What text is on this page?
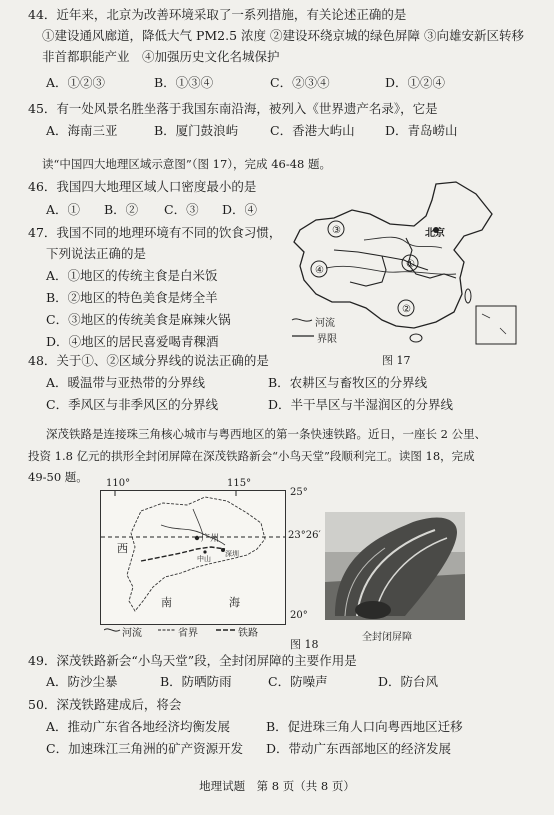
44．近年来，北京为改善环境采取了一系列措施，有关论述正确的是
①建设通风廊道，降低大气 PM2.5 浓度 ②建设环绕京城的绿色屏障 ③向雄安新区转移
非首都职能产业　④加强历史文化名城保护
A．①②③	B．①③④	C．②③④	D．①②④
45．有一处风景名胜坐落于我国东南沿海，被列入《世界遗产名录》，它是
A．海南三亚	B．厦门鼓浪屿	C．香港大屿山 D．青岛崂山
读“中国四大地理区域示意图”（图 17），完成 46-48 题。
46．我国四大地理区域人口密度最小的是
A．① B．② C．③ D．④
47．我国不同的地理环境有不同的饮食习惯，
下列说法正确的是
A．①地区的传统主食是白米饭
B．②地区的特色美食是烤全羊
C．③地区的传统美食是麻辣火锅
D．④地区的居民喜爱喝青稞酒
北京
③
④
①
②
河流
界限
图 17
48．关于①、②区域分界线的说法正确的是
A．暖温带与亚热带的分界线	B．农耕区与畜牧区的分界线
C．季风区与非季风区的分界线	D．半干旱区与半湿润区的分界线
深茂铁路是连接珠三角核心城市与粤西地区的第一条快速铁路。近日，一座长 2 公里、
投资 1.8 亿元的拱形全封闭屏障在深茂铁路新会“小鸟天堂”段顺利完工。读图 18，完成
49-50 题。 110°	115°
广州
深圳
中山
西
南	海
25°
23°26′
20°
全封闭屏障
河流	省界	铁路
图 18
49．深茂铁路新会“小鸟天堂”段，全封闭屏障的主要作用是
A．防沙尘暴	B．防晒防雨	C．防噪声	D．防台风
50．深茂铁路建成后，将会
A．推动广东省各地经济均衡发展	B．促进珠三角人口向粤西地区迁移
C．加速珠江三角洲的矿产资源开发 D．带动广东西部地区的经济发展
地理试题　第 8 页（共 8 页）
